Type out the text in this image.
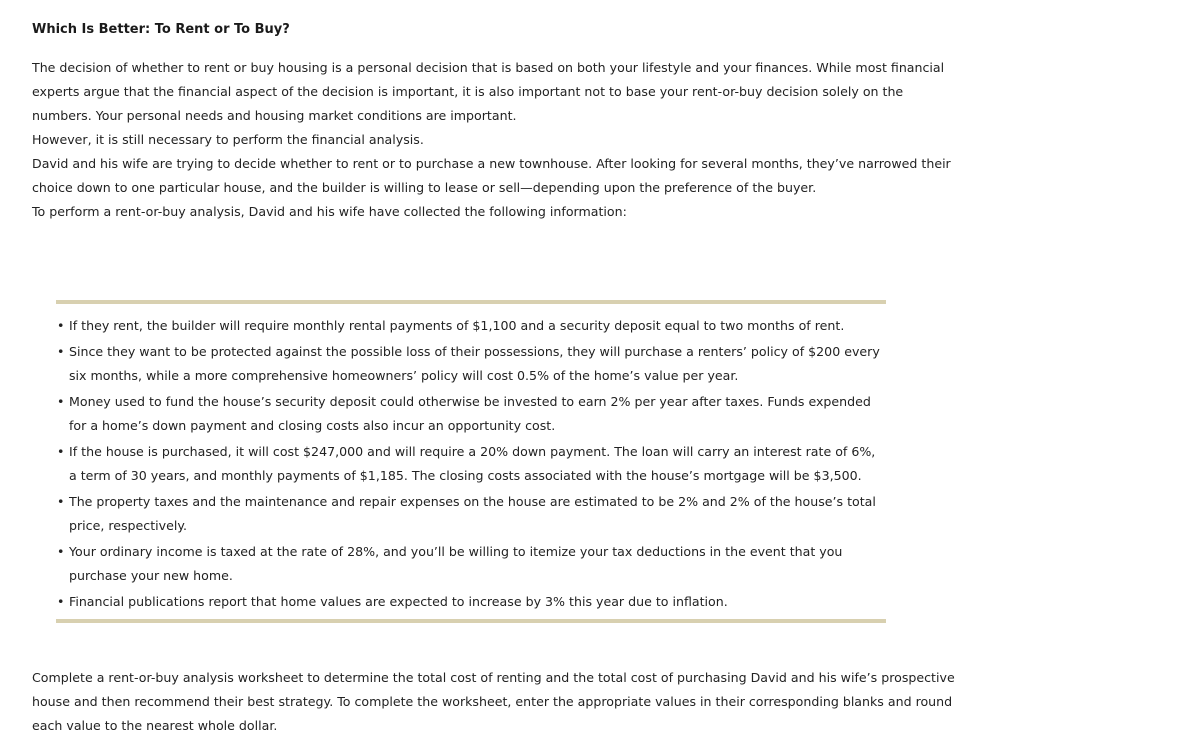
Which Is Better: To Rent or To Buy?

The decision of whether to rent or buy housing is a personal decision that is based on both your lifestyle and your finances. While most financial experts argue that the financial aspect of the decision is important, it is also important not to base your rent-or-buy decision solely on the numbers. Your personal needs and housing market conditions are important.

However, it is still necessary to perform the financial analysis.

David and his wife are trying to decide whether to rent or to purchase a new townhouse. After looking for several months, they’ve narrowed their choice down to one particular house, and the builder is willing to lease or sell—depending upon the preference of the buyer.

To perform a rent-or-buy analysis, David and his wife have collected the following information:

• If they rent, the builder will require monthly rental payments of $1,100 and a security deposit equal to two months of rent.
• Since they want to be protected against the possible loss of their possessions, they will purchase a renters’ policy of $200 every six months, while a more comprehensive homeowners’ policy will cost 0.5% of the home’s value per year.
• Money used to fund the house’s security deposit could otherwise be invested to earn 2% per year after taxes. Funds expended for a home’s down payment and closing costs also incur an opportunity cost.
• If the house is purchased, it will cost $247,000 and will require a 20% down payment. The loan will carry an interest rate of 6%, a term of 30 years, and monthly payments of $1,185. The closing costs associated with the house’s mortgage will be $3,500.
• The property taxes and the maintenance and repair expenses on the house are estimated to be 2% and 2% of the house’s total price, respectively.
• Your ordinary income is taxed at the rate of 28%, and you’ll be willing to itemize your tax deductions in the event that you purchase your new home.
• Financial publications report that home values are expected to increase by 3% this year due to inflation.

Complete a rent-or-buy analysis worksheet to determine the total cost of renting and the total cost of purchasing David and his wife’s prospective house and then recommend their best strategy. To complete the worksheet, enter the appropriate values in their corresponding blanks and round each value to the nearest whole dollar.
